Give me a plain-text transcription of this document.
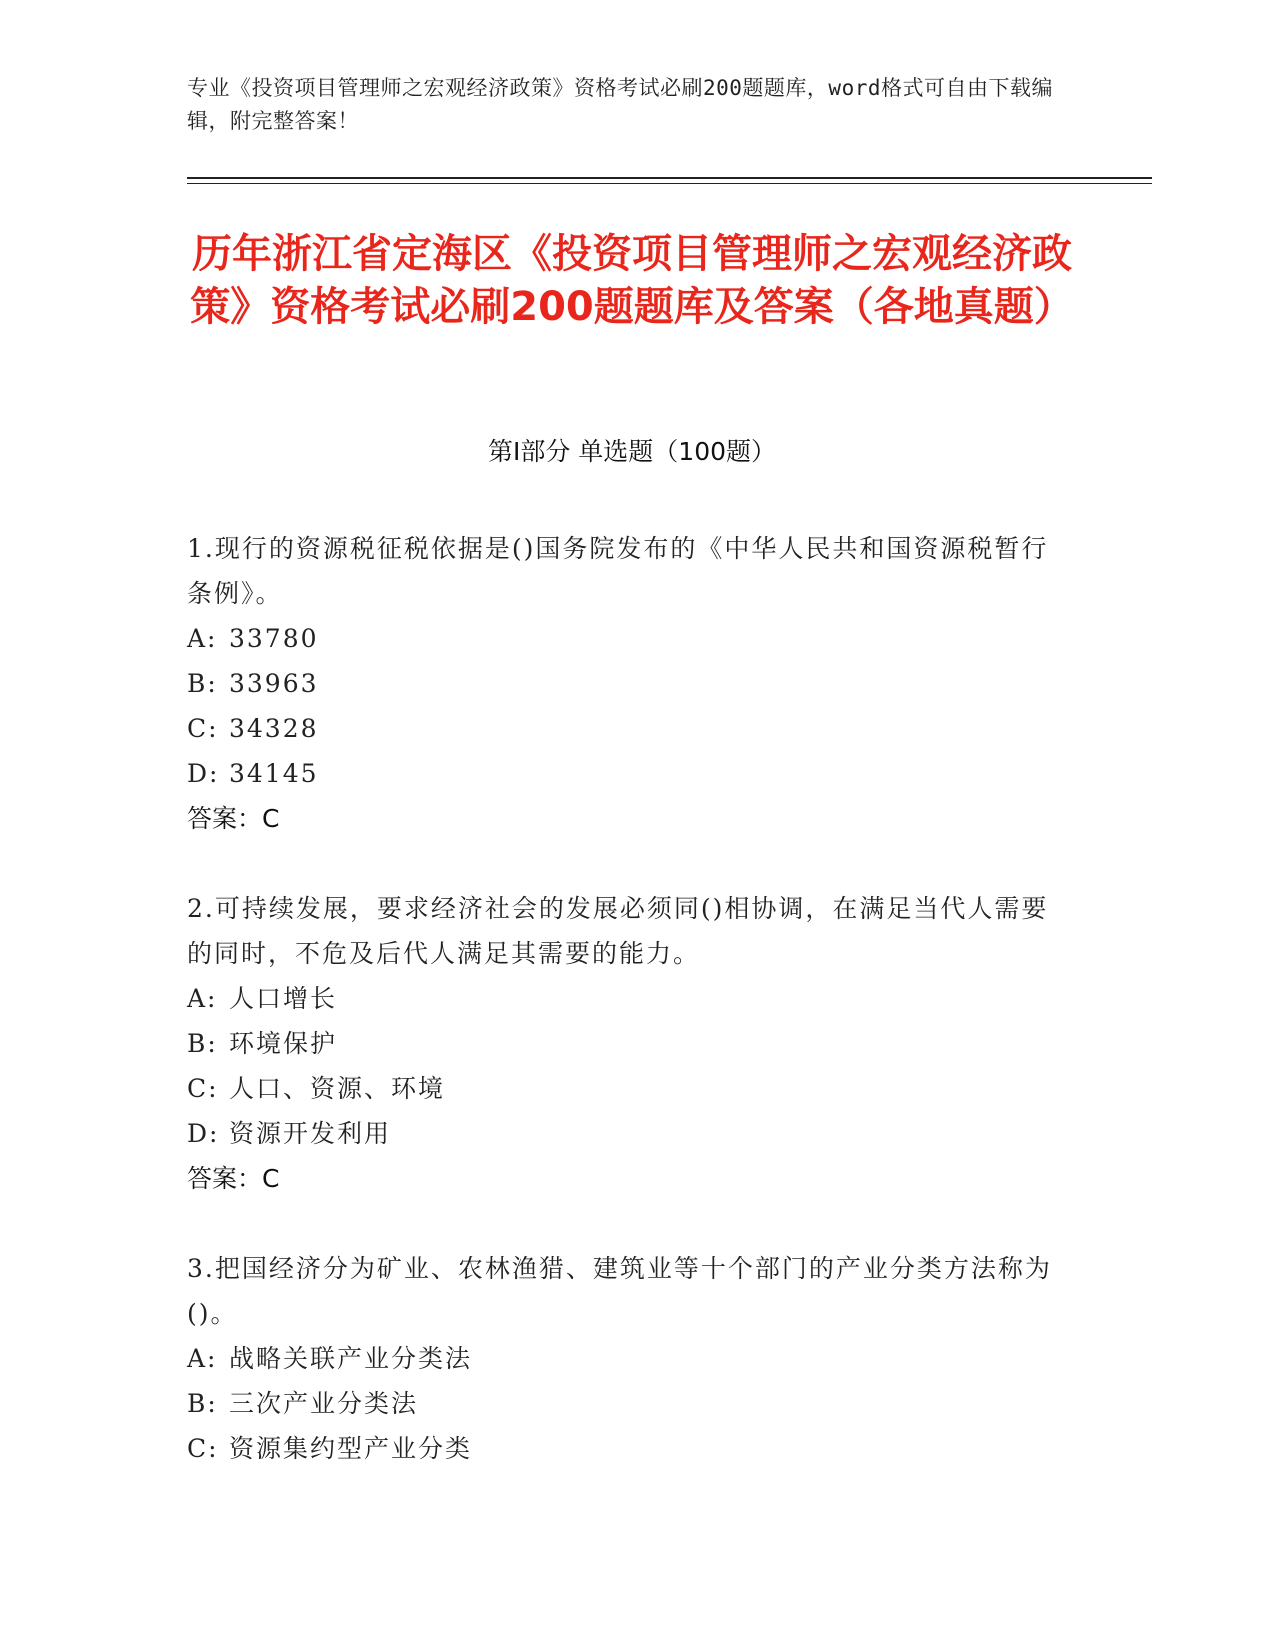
专业《投资项目管理师之宏观经济政策》资格考试必刷200题题库，word格式可自由下载编辑，附完整答案！
历年浙江省定海区《投资项目管理师之宏观经济政策》资格考试必刷200题题库及答案（各地真题）
第Ⅰ部分 单选题（100题）
1.现行的资源税征税依据是()国务院发布的《中华人民共和国资源税暂行条例》。
A: 33780
B: 33963
C: 34328
D: 34145
答案：C
2.可持续发展，要求经济社会的发展必须同()相协调，在满足当代人需要的同时，不危及后代人满足其需要的能力。
A: 人口增长
B: 环境保护
C: 人口、资源、环境
D: 资源开发利用
答案：C
3.把国经济分为矿业、农林渔猎、建筑业等十个部门的产业分类方法称为()。
A: 战略关联产业分类法
B: 三次产业分类法
C: 资源集约型产业分类
